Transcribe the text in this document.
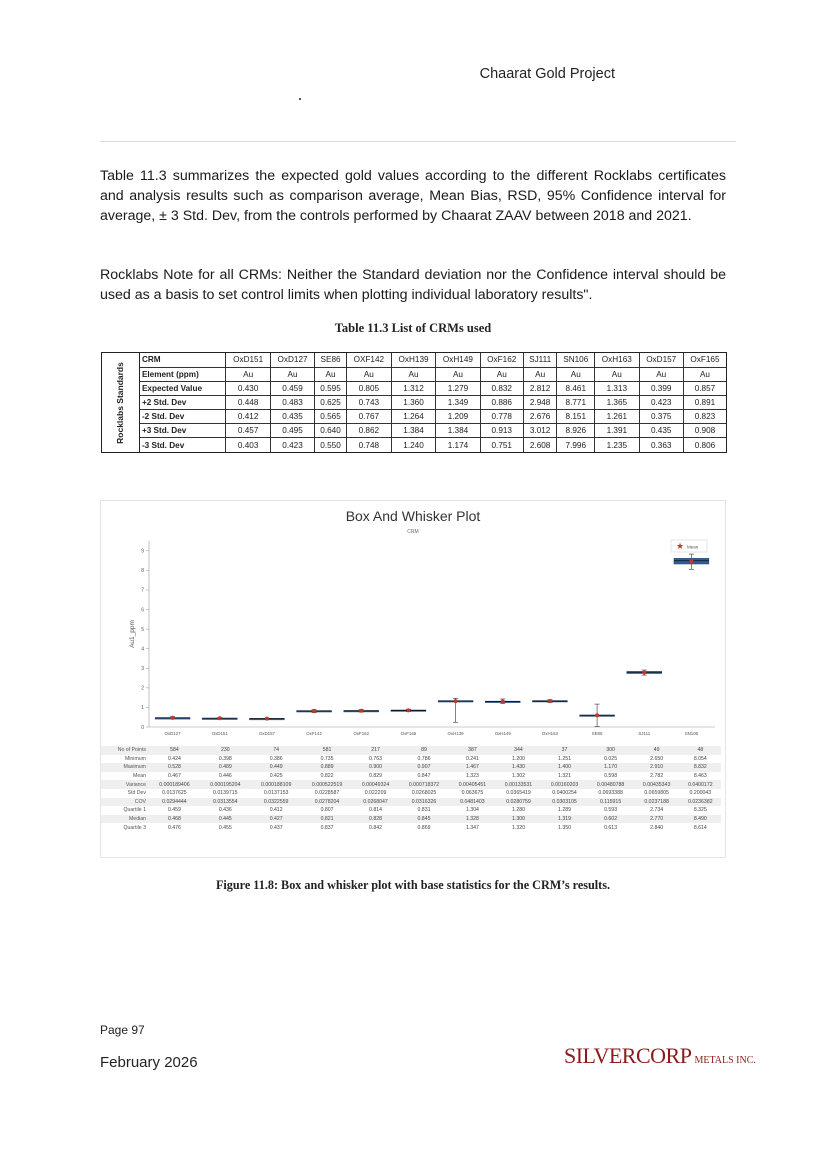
Chaarat Gold Project

Table 11.3 summarizes the expected gold values according to the different Rocklabs certificates and analysis results such as comparison average, Mean Bias, RSD, 95% Confidence interval for average, ± 3 Std. Dev, from the controls performed by Chaarat ZAAV between 2018 and 2021.

Rocklabs Note for all CRMs: Neither the Standard deviation nor the Confidence interval should be used as a basis to set control limits when plotting individual laboratory results".

Table 11.3 List of CRMs used
Rocklabs Standards
CRM	OxD151	OxD127	SE86	OXF142	OxH139	OxH149	OxF162	SJ111	SN106	OxH163	OxD157	OxF165
Element (ppm)	Au	Au	Au	Au	Au	Au	Au	Au	Au	Au	Au	Au
Expected Value	0.430	0.459	0.595	0.805	1.312	1.279	0.832	2.812	8.461	1.313	0.399	0.857
+2 Std. Dev	0.448	0.483	0.625	0.743	1.360	1.349	0.886	2.948	8.771	1.365	0.423	0.891
-2 Std. Dev	0.412	0.435	0.565	0.767	1.264	1.209	0.778	2.676	8.151	1.261	0.375	0.823
+3 Std. Dev	0.457	0.495	0.640	0.862	1.384	1.384	0.913	3.012	8.926	1.391	0.435	0.908
-3 Std. Dev	0.403	0.423	0.550	0.748	1.240	1.174	0.751	2.608	7.996	1.235	0.363	0.806
Box And Whisker Plot
CRM
0
1
2
3
4
5
6
7
8
9
Au1_ppm
OxD127	OxD151	OxD157	OxF142	OxF162	OxF165	OxH139	OxH149	OxH163	SE86	SJ111	SN106
★ Mean
No of Points	584	230	74	581	217	89	387	344	37	300	49	48
Minimum	0.424	0.398	0.386	0.735	0.763	0.786	0.241	1.200	1.251	0.025	2.650	8.054
Maximum	0.528	0.489	0.449	0.889	0.900	0.907	1.467	1.430	1.400	1.170	2.910	8.832
Mean	0.467	0.446	0.425	0.822	0.829	0.847	1.323	1.302	1.321	0.598	2.782	8.463
Variance	0.000189406	0.000195204	0.000188109	0.000522519	0.00049324	0.000718372	0.00405451	0.00133531	0.00160203	0.00480788	0.00435343	0.0400172
Std Dev	0.0137625	0.0139715	0.0137153	0.0228587	0.022209	0.0268025	0.063675	0.0365419	0.0400254	0.0693388	0.0659805	0.200043
COV	0.0294444	0.0313554	0.0322559	0.0278204	0.0268047	0.0316326	0.0481403	0.0280759	0.0303105	0.115915	0.0237188	0.0236382
Quartile 1	0.459	0.436	0.412	0.807	0.814	0.831	1.304	1.280	1.289	0.593	2.734	8.325
Median	0.468	0.445	0.427	0.821	0.828	0.845	1.328	1.300	1.319	0.602	2.770	8.490
Quartile 3	0.476	0.455	0.437	0.837	0.842	0.869	1.347	1.320	1.350	0.613	2.840	8.614
Figure 11.8: Box and whisker plot with base statistics for the CRM’s results.
Page 97
February 2026	SILVERCORP METALS INC.
